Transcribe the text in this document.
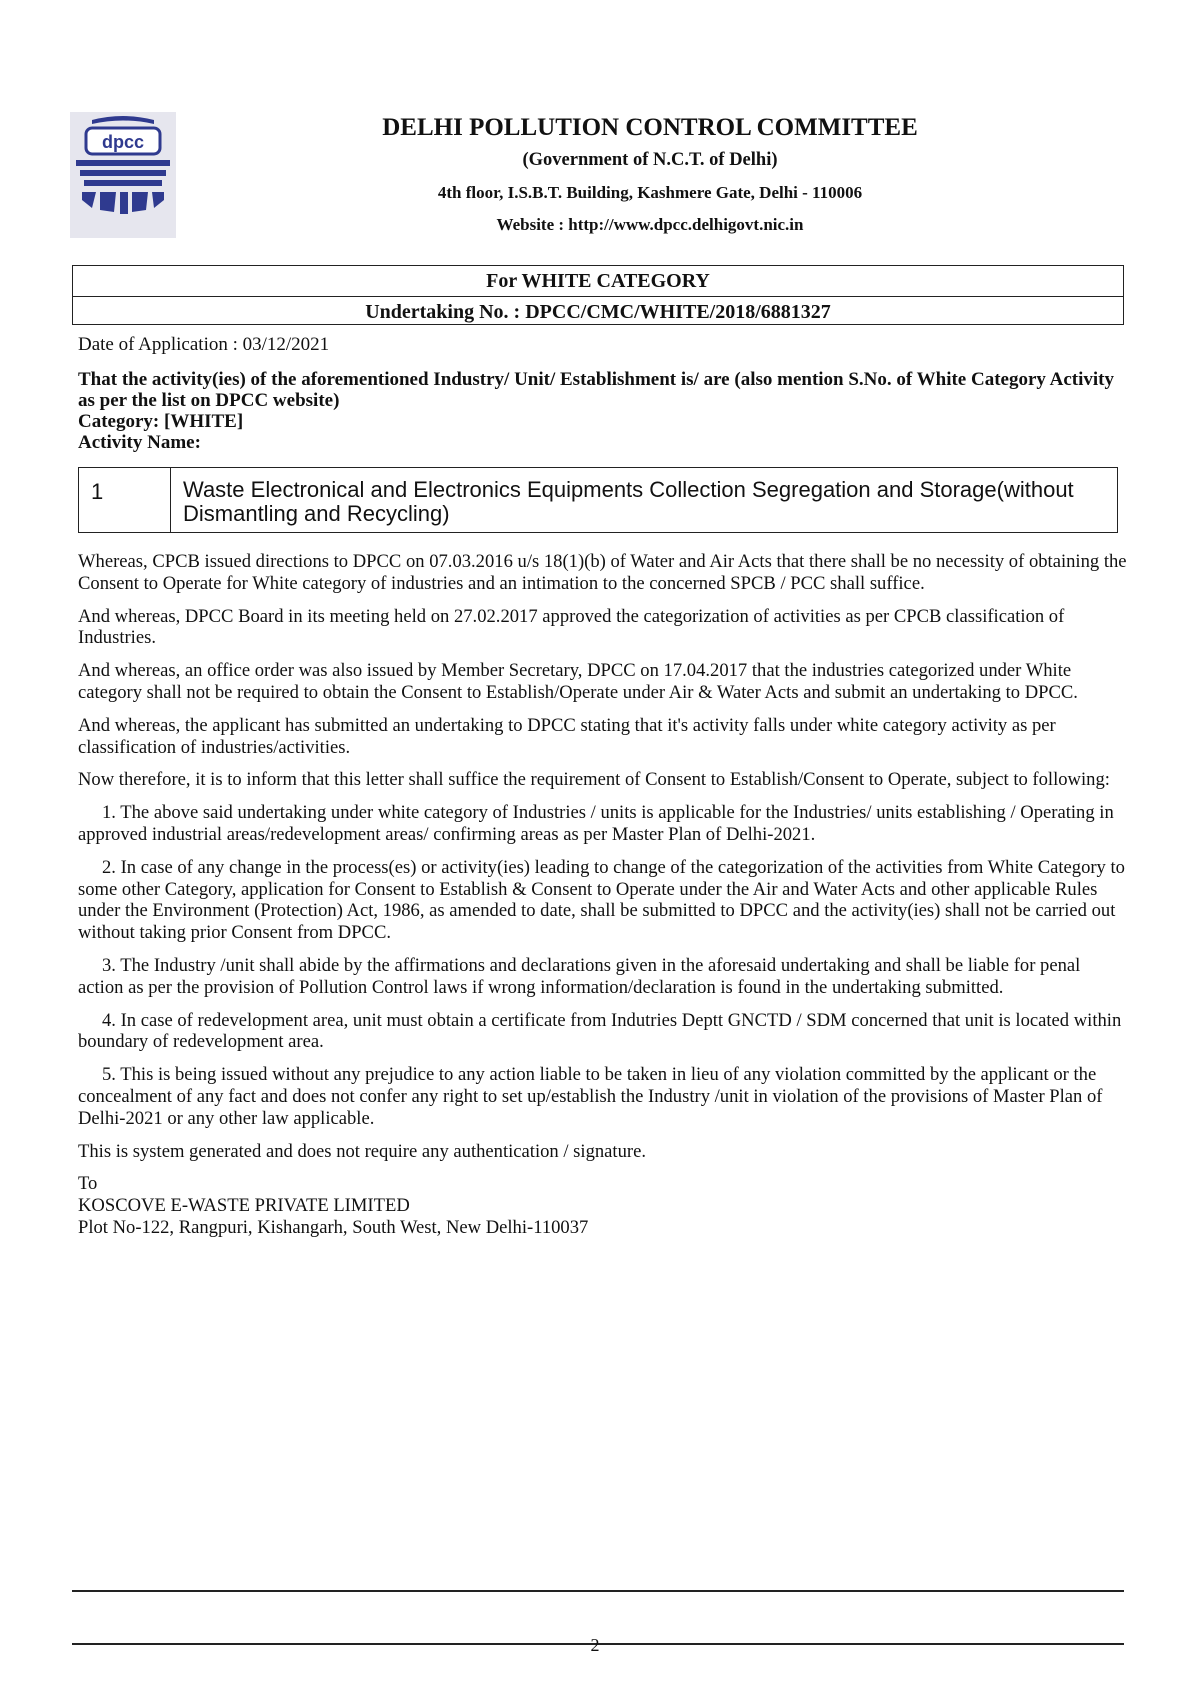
dpcc
DELHI POLLUTION CONTROL COMMITTEE
(Government of N.C.T. of Delhi)
4th floor, I.S.B.T. Building, Kashmere Gate, Delhi - 110006
Website : http://www.dpcc.delhigovt.nic.in
For WHITE CATEGORY
Undertaking No. : DPCC/CMC/WHITE/2018/6881327
Date of Application : 03/12/2021
That the activity(ies) of the aforementioned Industry/ Unit/ Establishment is/ are (also mention S.No. of White Category Activity as per the list on DPCC website)
Category: [WHITE]
Activity Name:
1	Waste Electronical and Electronics Equipments Collection Segregation and Storage(without Dismantling and Recycling)

Whereas, CPCB issued directions to DPCC on 07.03.2016 u/s 18(1)(b) of Water and Air Acts that there shall be no necessity of obtaining the Consent to Operate for White category of industries and an intimation to the concerned SPCB / PCC shall suffice.

And whereas, DPCC Board in its meeting held on 27.02.2017 approved the categorization of activities as per CPCB classification of Industries.

And whereas, an office order was also issued by Member Secretary, DPCC on 17.04.2017 that the industries categorized under White category shall not be required to obtain the Consent to Establish/Operate under Air & Water Acts and submit an undertaking to DPCC.

And whereas, the applicant has submitted an undertaking to DPCC stating that it's activity falls under white category activity as per classification of industries/activities.

Now therefore, it is to inform that this letter shall suffice the requirement of Consent to Establish/Consent to Operate, subject to following:

1. The above said undertaking under white category of Industries / units is applicable for the Industries/ units establishing / Operating in approved industrial areas/redevelopment areas/ confirming areas as per Master Plan of Delhi-2021.

2. In case of any change in the process(es) or activity(ies) leading to change of the categorization of the activities from White Category to some other Category, application for Consent to Establish & Consent to Operate under the Air and Water Acts and other applicable Rules under the Environment (Protection) Act, 1986, as amended to date, shall be submitted to DPCC and the activity(ies) shall not be carried out without taking prior Consent from DPCC.

3. The Industry /unit shall abide by the affirmations and declarations given in the aforesaid undertaking and shall be liable for penal action as per the provision of Pollution Control laws if wrong information/declaration is found in the undertaking submitted.

4. In case of redevelopment area, unit must obtain a certificate from Indutries Deptt GNCTD / SDM concerned that unit is located within boundary of redevelopment area.

5. This is being issued without any prejudice to any action liable to be taken in lieu of any violation committed by the applicant or the concealment of any fact and does not confer any right to set up/establish the Industry /unit in violation of the provisions of Master Plan of Delhi-2021 or any other law applicable.

This is system generated and does not require any authentication / signature.

To
KOSCOVE E-WASTE PRIVATE LIMITED
Plot No-122, Rangpuri, Kishangarh, South West, New Delhi-110037
2
